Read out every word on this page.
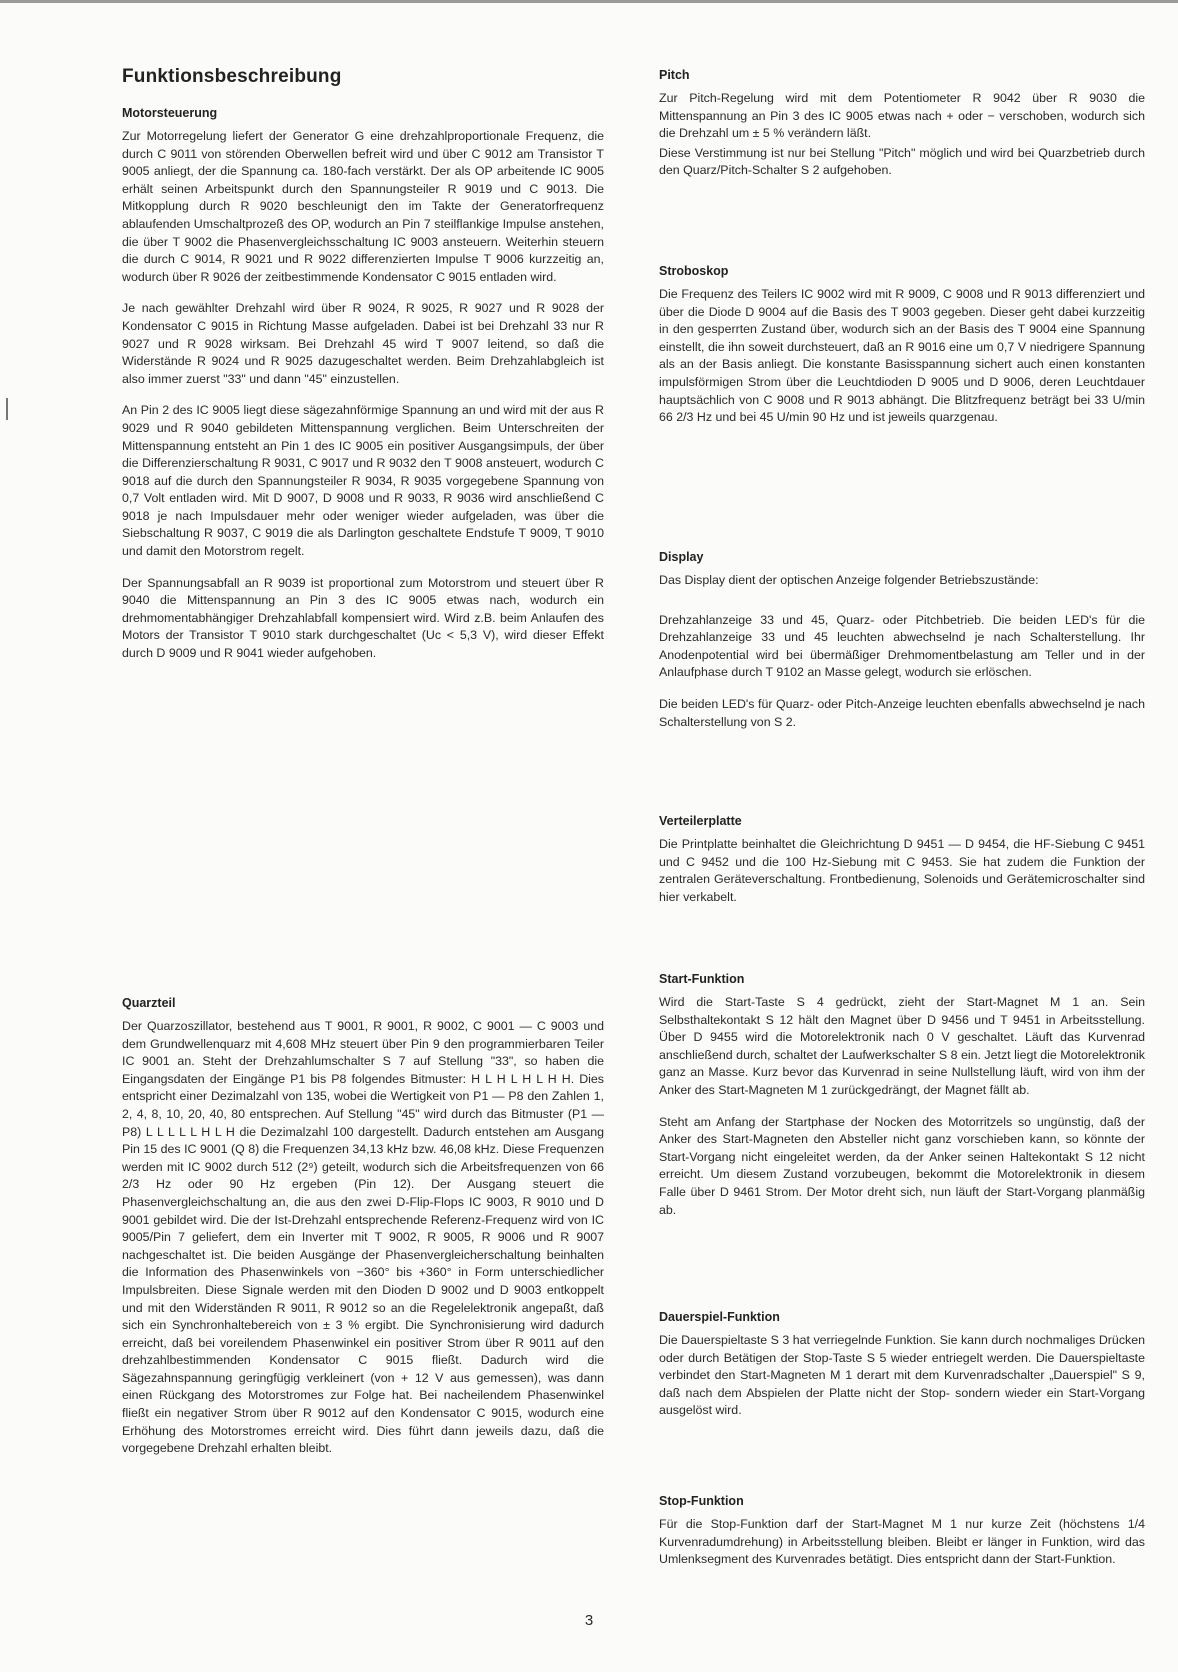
Funktionsbeschreibung
Motorsteuerung

Zur Motorregelung liefert der Generator G eine drehzahlproportionale Frequenz, die durch C 9011 von störenden Oberwellen befreit wird und über C 9012 am Transistor T 9005 anliegt, der die Spannung ca. 180-fach verstärkt. Der als OP arbeitende IC 9005 erhält seinen Arbeitspunkt durch den Spannungsteiler R 9019 und C 9013. Die Mitkopplung durch R 9020 beschleunigt den im Takte der Generatorfrequenz ablaufenden Umschaltprozeß des OP, wodurch an Pin 7 steilflankige Impulse anstehen, die über T 9002 die Phasenvergleichsschaltung IC 9003 ansteuern. Weiterhin steuern die durch C 9014, R 9021 und R 9022 differenzierten Impulse T 9006 kurzzeitig an, wodurch über R 9026 der zeitbestimmende Kondensator C 9015 entladen wird.

Je nach gewählter Drehzahl wird über R 9024, R 9025, R 9027 und R 9028 der Kondensator C 9015 in Richtung Masse aufgeladen. Dabei ist bei Drehzahl 33 nur R 9027 und R 9028 wirksam. Bei Drehzahl 45 wird T 9007 leitend, so daß die Widerstände R 9024 und R 9025 dazugeschaltet werden. Beim Drehzahlabgleich ist also immer zuerst "33" und dann "45" einzustellen.

An Pin 2 des IC 9005 liegt diese sägezahnförmige Spannung an und wird mit der aus R 9029 und R 9040 gebildeten Mittenspannung verglichen. Beim Unterschreiten der Mittenspannung entsteht an Pin 1 des IC 9005 ein positiver Ausgangsimpuls, der über die Differenzierschaltung R 9031, C 9017 und R 9032 den T 9008 ansteuert, wodurch C 9018 auf die durch den Spannungsteiler R 9034, R 9035 vorgegebene Spannung von 0,7 Volt entladen wird. Mit D 9007, D 9008 und R 9033, R 9036 wird anschließend C 9018 je nach Impulsdauer mehr oder weniger wieder aufgeladen, was über die Siebschaltung R 9037, C 9019 die als Darlington geschaltete Endstufe T 9009, T 9010 und damit den Motorstrom regelt.

Der Spannungsabfall an R 9039 ist proportional zum Motorstrom und steuert über R 9040 die Mittenspannung an Pin 3 des IC 9005 etwas nach, wodurch ein drehmomentabhängiger Drehzahlabfall kompensiert wird. Wird z.B. beim Anlaufen des Motors der Transistor T 9010 stark durchgeschaltet (Uc < 5,3 V), wird dieser Effekt durch D 9009 und R 9041 wieder aufgehoben.

Quarzteil

Der Quarzoszillator, bestehend aus T 9001, R 9001, R 9002, C 9001 — C 9003 und dem Grundwellenquarz mit 4,608 MHz steuert über Pin 9 den programmierbaren Teiler IC 9001 an. Steht der Drehzahlumschalter S 7 auf Stellung "33", so haben die Eingangsdaten der Eingänge P1 bis P8 folgendes Bitmuster: H L H L H L H H. Dies entspricht einer Dezimalzahl von 135, wobei die Wertigkeit von P1 — P8 den Zahlen 1, 2, 4, 8, 10, 20, 40, 80 entsprechen. Auf Stellung "45" wird durch das Bitmuster (P1 — P8) L L L L L H L H die Dezimalzahl 100 dargestellt. Dadurch entstehen am Ausgang Pin 15 des IC 9001 (Q 8) die Frequenzen 34,13 kHz bzw. 46,08 kHz. Diese Frequenzen werden mit IC 9002 durch 512 (2⁹) geteilt, wodurch sich die Arbeitsfrequenzen von 66 2/3 Hz oder 90 Hz ergeben (Pin 12). Der Ausgang steuert die Phasenvergleichschaltung an, die aus den zwei D-Flip-Flops IC 9003, R 9010 und D 9001 gebildet wird. Die der Ist-Drehzahl entsprechende Referenz-Frequenz wird von IC 9005/Pin 7 geliefert, dem ein Inverter mit T 9002, R 9005, R 9006 und R 9007 nachgeschaltet ist. Die beiden Ausgänge der Phasenvergleicherschaltung beinhalten die Information des Phasenwinkels von −360° bis +360° in Form unterschiedlicher Impulsbreiten. Diese Signale werden mit den Dioden D 9002 und D 9003 entkoppelt und mit den Widerständen R 9011, R 9012 so an die Regelelektronik angepaßt, daß sich ein Synchronhaltebereich von ± 3 % ergibt. Die Synchronisierung wird dadurch erreicht, daß bei voreilendem Phasenwinkel ein positiver Strom über R 9011 auf den drehzahlbestimmenden Kondensator C 9015 fließt. Dadurch wird die Sägezahnspannung geringfügig verkleinert (von + 12 V aus gemessen), was dann einen Rückgang des Motorstromes zur Folge hat. Bei nacheilendem Phasenwinkel fließt ein negativer Strom über R 9012 auf den Kondensator C 9015, wodurch eine Erhöhung des Motorstromes erreicht wird. Dies führt dann jeweils dazu, daß die vorgegebene Drehzahl erhalten bleibt.

Pitch

Zur Pitch-Regelung wird mit dem Potentiometer R 9042 über R 9030 die Mittenspannung an Pin 3 des IC 9005 etwas nach + oder − verschoben, wodurch sich die Drehzahl um ± 5 % verändern läßt.

Diese Verstimmung ist nur bei Stellung "Pitch" möglich und wird bei Quarzbetrieb durch den Quarz/Pitch-Schalter S 2 aufgehoben.

Stroboskop

Die Frequenz des Teilers IC 9002 wird mit R 9009, C 9008 und R 9013 differenziert und über die Diode D 9004 auf die Basis des T 9003 gegeben. Dieser geht dabei kurzzeitig in den gesperrten Zustand über, wodurch sich an der Basis des T 9004 eine Spannung einstellt, die ihn soweit durchsteuert, daß an R 9016 eine um 0,7 V niedrigere Spannung als an der Basis anliegt. Die konstante Basisspannung sichert auch einen konstanten impulsförmigen Strom über die Leuchtdioden D 9005 und D 9006, deren Leuchtdauer hauptsächlich von C 9008 und R 9013 abhängt. Die Blitzfrequenz beträgt bei 33 U/min 66 2/3 Hz und bei 45 U/min 90 Hz und ist jeweils quarzgenau.

Display

Das Display dient der optischen Anzeige folgender Betriebszustände:

Drehzahlanzeige 33 und 45, Quarz- oder Pitchbetrieb. Die beiden LED's für die Drehzahlanzeige 33 und 45 leuchten abwechselnd je nach Schalterstellung. Ihr Anodenpotential wird bei übermäßiger Drehmomentbelastung am Teller und in der Anlaufphase durch T 9102 an Masse gelegt, wodurch sie erlöschen.

Die beiden LED's für Quarz- oder Pitch-Anzeige leuchten ebenfalls abwechselnd je nach Schalterstellung von S 2.

Verteilerplatte

Die Printplatte beinhaltet die Gleichrichtung D 9451 — D 9454, die HF-Siebung C 9451 und C 9452 und die 100 Hz-Siebung mit C 9453. Sie hat zudem die Funktion der zentralen Geräteverschaltung. Frontbedienung, Solenoids und Gerätemicroschalter sind hier verkabelt.

Start-Funktion

Wird die Start-Taste S 4 gedrückt, zieht der Start-Magnet M 1 an. Sein Selbsthaltekontakt S 12 hält den Magnet über D 9456 und T 9451 in Arbeitsstellung. Über D 9455 wird die Motorelektronik nach 0 V geschaltet. Läuft das Kurvenrad anschließend durch, schaltet der Laufwerkschalter S 8 ein. Jetzt liegt die Motorelektronik ganz an Masse. Kurz bevor das Kurvenrad in seine Nullstellung läuft, wird von ihm der Anker des Start-Magneten M 1 zurückgedrängt, der Magnet fällt ab.

Steht am Anfang der Startphase der Nocken des Motorritzels so ungünstig, daß der Anker des Start-Magneten den Absteller nicht ganz vorschieben kann, so könnte der Start-Vorgang nicht eingeleitet werden, da der Anker seinen Haltekontakt S 12 nicht erreicht. Um diesem Zustand vorzubeugen, bekommt die Motorelektronik in diesem Falle über D 9461 Strom. Der Motor dreht sich, nun läuft der Start-Vorgang planmäßig ab.

Dauerspiel-Funktion

Die Dauerspieltaste S 3 hat verriegelnde Funktion. Sie kann durch nochmaliges Drücken oder durch Betätigen der Stop-Taste S 5 wieder entriegelt werden. Die Dauerspieltaste verbindet den Start-Magneten M 1 derart mit dem Kurvenradschalter „Dauerspiel" S 9, daß nach dem Abspielen der Platte nicht der Stop- sondern wieder ein Start-Vorgang ausgelöst wird.

Stop-Funktion

Für die Stop-Funktion darf der Start-Magnet M 1 nur kurze Zeit (höchstens 1/4 Kurvenradumdrehung) in Arbeitsstellung bleiben. Bleibt er länger in Funktion, wird das Umlenksegment des Kurvenrades betätigt. Dies entspricht dann der Start-Funktion.

3
